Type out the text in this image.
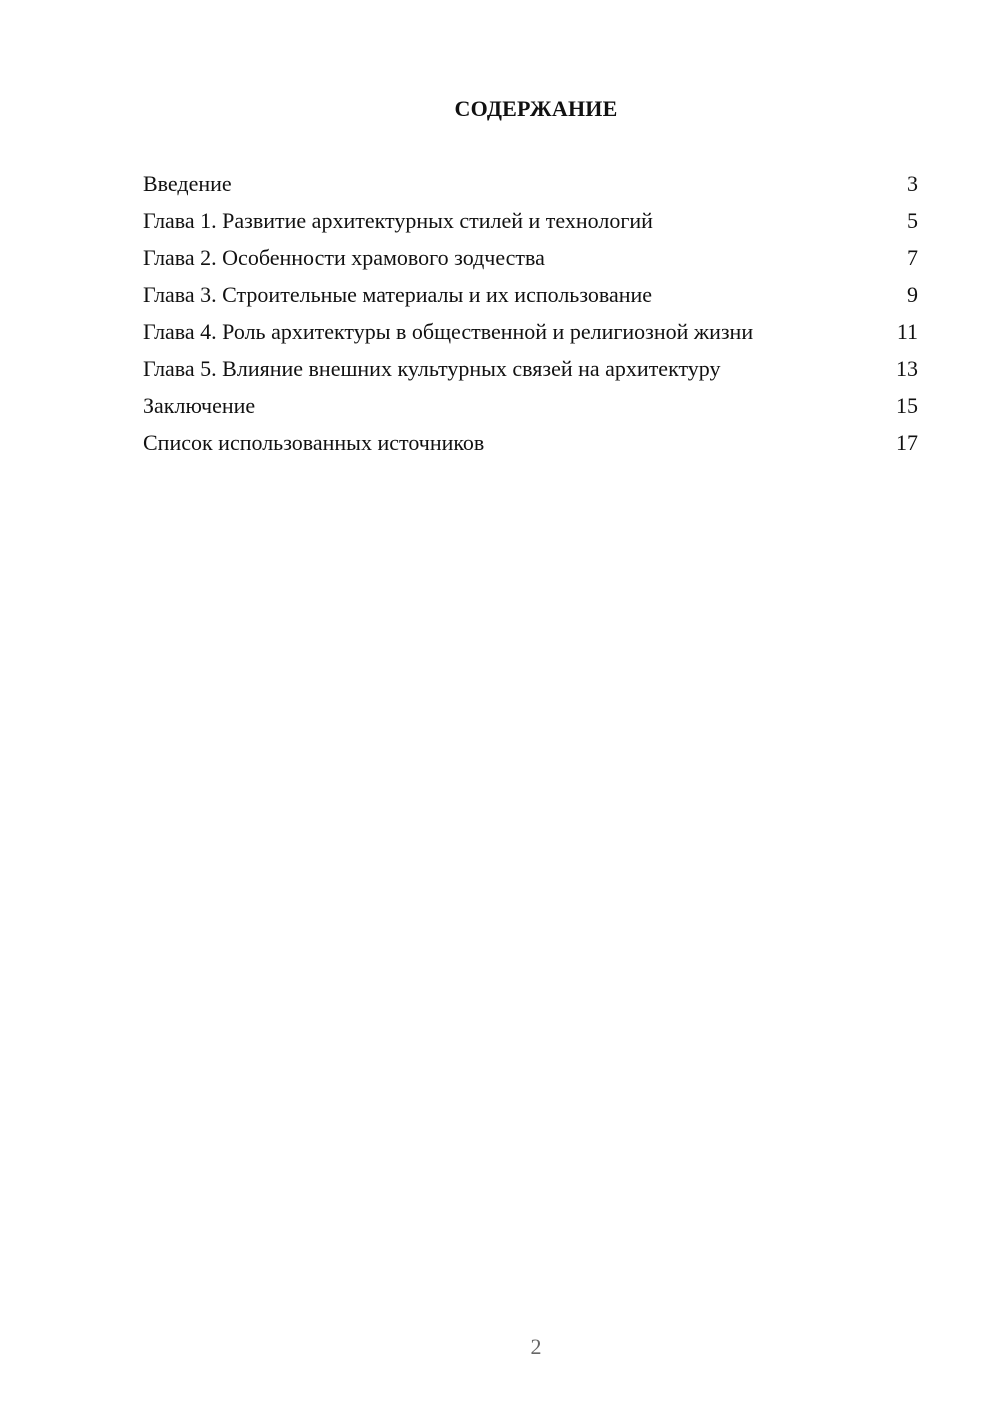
СОДЕРЖАНИЕ
Введение	3
Глава 1. Развитие архитектурных стилей и технологий	5
Глава 2. Особенности храмового зодчества	7
Глава 3. Строительные материалы и их использование	9
Глава 4. Роль архитектуры в общественной и религиозной жизни	11
Глава 5. Влияние внешних культурных связей на архитектуру	13
Заключение	15
Список использованных источников	17
2
